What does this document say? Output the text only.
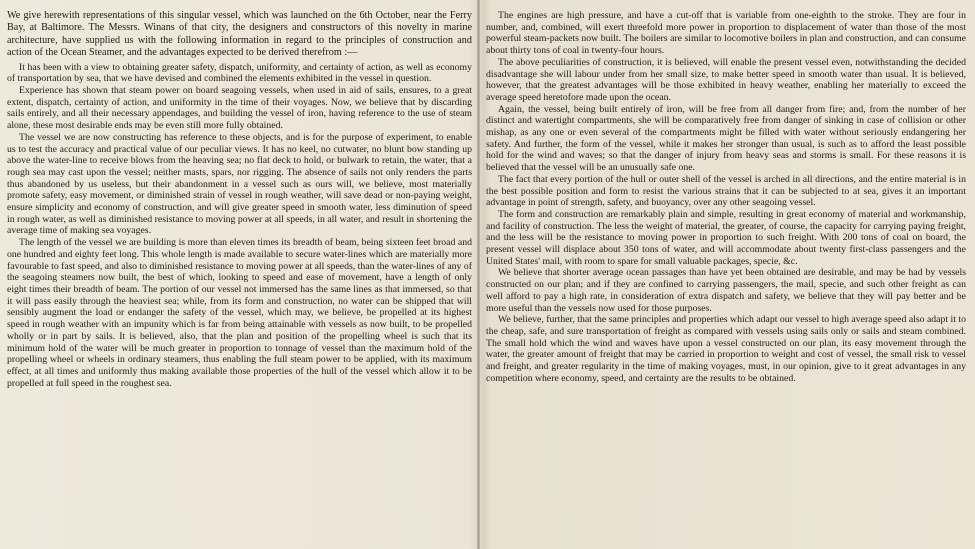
We give herewith representations of this singular vessel, which was launched on the 6th October, near the Ferry Bay, at Baltimore. The Messrs. Winans of that city, the designers and constructors of this novelty in marine architecture, have supplied us with the following information in regard to the principles of construction and action of the Ocean Steamer, and the advantages expected to be derived therefrom :—

It has been with a view to obtaining greater safety, dispatch, uniformity, and certainty of action, as well as economy of transportation by sea, that we have devised and combined the elements exhibited in the vessel in question.

Experience has shown that steam power on board seagoing vessels, when used in aid of sails, ensures, to a great extent, dispatch, certainty of action, and uniformity in the time of their voyages. Now, we believe that by discarding sails entirely, and all their necessary appendages, and building the vessel of iron, having reference to the use of steam alone, these most desirable ends may be even still more fully obtained.

The vessel we are now constructing has reference to these objects, and is for the purpose of experiment, to enable us to test the accuracy and practical value of our peculiar views. It has no keel, no cutwater, no blunt bow standing up above the water-line to receive blows from the heaving sea; no flat deck to hold, or bulwark to retain, the water, that a rough sea may cast upon the vessel; neither masts, spars, nor rigging. The absence of sails not only renders the parts thus abandoned by us useless, but their abandonment in a vessel such as ours will, we believe, most materially promote safety, easy movement, or diminished strain of vessel in rough weather, will save dead or non-paying weight, ensure simplicity and economy of construction, and will give greater speed in smooth water, less diminution of speed in rough water, as well as diminished resistance to moving power at all speeds, in all water, and result in shortening the average time of making sea voyages.

The length of the vessel we are building is more than eleven times its breadth of beam, being sixteen feet broad and one hundred and eighty feet long. This whole length is made available to secure water-lines which are materially more favourable to fast speed, and also to diminished resistance to moving power at all speeds, than the water-lines of any of the seagoing steamers now built, the best of which, looking to speed and ease of movement, have a length of only eight times their breadth of beam. The portion of our vessel not immersed has the same lines as that immersed, so that it will pass easily through the heaviest sea; while, from its form and construction, no water can be shipped that will sensibly augment the load or endanger the safety of the vessel, which may, we believe, be propelled at its highest speed in rough weather with an impunity which is far from being attainable with vessels as now built, to be propelled wholly or in part by sails. It is believed, also, that the plan and position of the propelling wheel is such that its minimum hold of the water will be much greater in proportion to tonnage of vessel than the maximum hold of the propelling wheel or wheels in ordinary steamers, thus enabling the full steam power to be applied, with its maximum effect, at all times and uniformly thus making available those properties of the hull of the vessel which allow it to be propelled at full speed in the roughest sea.

The engines are high pressure, and have a cut-off that is variable from one-eighth to the stroke. They are four in number, and, combined, will exert threefold more power in proportion to displacement of water than those of the most powerful steam-packets now built. The boilers are similar to locomotive boilers in plan and construction, and can consume about thirty tons of coal in twenty-four hours.

The above peculiarities of construction, it is believed, will enable the present vessel even, notwithstanding the decided disadvantage she will labour under from her small size, to make better speed in smooth water than usual. It is believed, however, that the greatest advantages will be those exhibited in heavy weather, enabling her materially to exceed the average speed heretofore made upon the ocean.

Again, the vessel, being built entirely of iron, will be free from all danger from fire; and, from the number of her distinct and watertight compartments, she will be comparatively free from danger of sinking in case of collision or other mishap, as any one or even several of the compartments might be filled with water without seriously endangering her safety. And further, the form of the vessel, while it makes her stronger than usual, is such as to afford the least possible hold for the wind and waves; so that the danger of injury from heavy seas and storms is small. For these reasons it is believed that the vessel will be an unusually safe one.

The fact that every portion of the hull or outer shell of the vessel is arched in all directions, and the entire material is in the best possible position and form to resist the various strains that it can be subjected to at sea, gives it an important advantage in point of strength, safety, and buoyancy, over any other seagoing vessel.

The form and construction are remarkably plain and simple, resulting in great economy of material and workmanship, and facility of construction. The less the weight of material, the greater, of course, the capacity for carrying paying freight, and the less will be the resistance to moving power in proportion to such freight. With 200 tons of coal on board, the present vessel will displace about 350 tons of water, and will accommodate about twenty first-class passengers and the United States' mail, with room to spare for small valuable packages, specie, &c.

We believe that shorter average ocean passages than have yet been obtained are desirable, and may be had by vessels constructed on our plan; and if they are confined to carrying passengers, the mail, specie, and such other freight as can well afford to pay a high rate, in consideration of extra dispatch and safety, we believe that they will pay better and be more useful than the vessels now used for those purposes.

We believe, further, that the same principles and properties which adapt our vessel to high average speed also adapt it to the cheap, safe, and sure transportation of freight as compared with vessels using sails only or sails and steam combined. The small hold which the wind and waves have upon a vessel constructed on our plan, its easy movement through the water, the greater amount of freight that may be carried in proportion to weight and cost of vessel, the small risk to vessel and freight, and greater regularity in the time of making voyages, must, in our opinion, give to it great advantages in any competition where economy, speed, and certainty are the results to be obtained.
